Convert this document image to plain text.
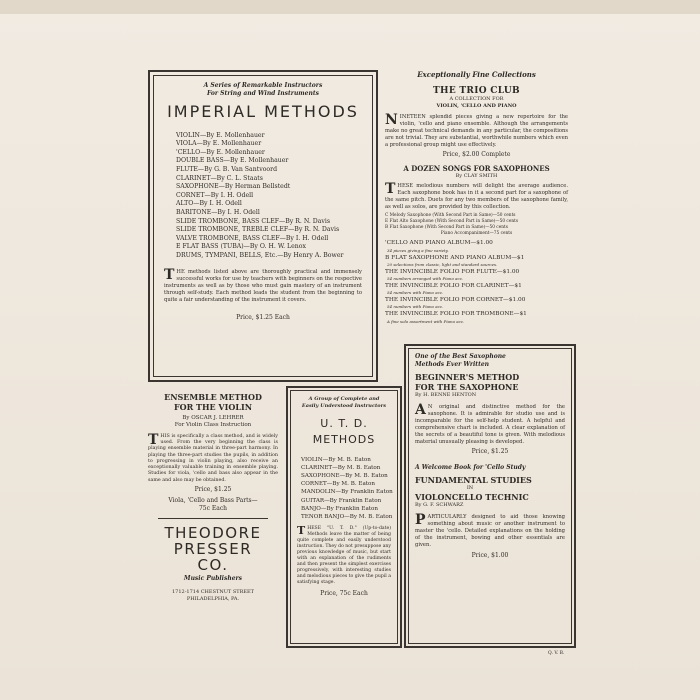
A Series of Remarkable Instructors
For String and Wind Instruments
IMPERIAL METHODS
VIOLIN—By E. Mollenhauer
VIOLA—By E. Mollenhauer
'CELLO—By E. Mollenhauer
DOUBLE BASS—By E. Mollenhauer
FLUTE—By G. B. Van Santvoord
CLARINET—By C. L. Staats
SAXOPHONE—By Herman Bellstedt
CORNET—By I. H. Odell
ALTO—By I. H. Odell
BARITONE—By I. H. Odell
SLIDE TROMBONE, BASS CLEF—By R. N. Davis
SLIDE TROMBONE, TREBLE CLEF—By R. N. Davis
VALVE TROMBONE, BASS CLEF—By I. H. Odell
E FLAT BASS (TUBA)—By O. H. W. Lenox
DRUMS, TYMPANI, BELLS, Etc.—By Henry A. Bower
THE methods listed above are thoroughly practical and immensely successful works for use by teachers with beginners on the respective instruments as well as by those who must gain mastery of an instrument through self-study. Each method leads the student from the beginning to quite a fair understanding of the instrument it covers.
Price, $1.25 Each
Exceptionally Fine Collections
THE TRIO CLUB
A COLLECTION FOR
VIOLIN, 'CELLO AND PIANO
NINETEEN splendid pieces giving a new repertoire for the violin, 'cello and piano ensemble. Although the arrangements make no great technical demands in any particular, the compositions are not trivial. They are substantial, worthwhile numbers which even a professional group might use effectively.
Price, $2.00 Complete
A DOZEN SONGS FOR SAXOPHONES
By CLAY SMITH
THESE melodious numbers will delight the average audience. Each saxophone book has in it a second part for a saxophone of the same pitch. Duets for any two members of the saxophone family, as well as solos, are provided by this collection.
C Melody Saxophone (With Second Part in Same)—50 cents
E Flat Alto Saxophone (With Second Part in Same)—50 cents
B Flat Saxophone (With Second Part in Same)—50 cents
Piano Accompaniment—75 cents
'CELLO AND PIANO ALBUM—$1.00
34 pieces giving a fine variety.
B FLAT SAXOPHONE AND PIANO ALBUM—$1
20 selections from classic, light and standard sources.
THE INVINCIBLE FOLIO FOR FLUTE—$1.00
54 numbers arranged with Piano acc.
THE INVINCIBLE FOLIO FOR CLARINET—$1
54 numbers with Piano acc.
THE INVINCIBLE FOLIO FOR CORNET—$1.00
54 numbers with Piano acc.
THE INVINCIBLE FOLIO FOR TROMBONE—$1
A fine solo assortment with Piano acc.
ENSEMBLE METHOD
FOR THE VIOLIN
By OSCAR J. LEHRER
For Violin Class Instruction
THIS is specifically a class method, and is widely used. From the very beginning the class is playing ensemble material in three-part harmony. In playing the three-part studies the pupils, in addition to progressing in violin playing, also receive an exceptionally valuable training in ensemble playing. Studies for viola, 'cello and bass also appear in the same and also may be obtained.
Price, $1.25
Viola, 'Cello and Bass Parts—
75c Each
THEODORE
PRESSER
CO.
Music Publishers
1712-1714 CHESTNUT STREET
PHILADELPHIA, PA.
A Group of Complete and
Easily Understood Instructors
U. T. D. METHODS
VIOLIN—By M. B. Eaton
CLARINET—By M. B. Eaton
SAXOPHONE—By M. B. Eaton
CORNET—By M. B. Eaton
MANDOLIN—By Franklin Eaton
GUITAR—By Franklin Eaton
BANJO—By Franklin Eaton
TENOR BANJO—By M. B. Eaton
THESE "U. T. D." (Up-to-date) Methods leave the matter of being quite complete and easily understood instruction. They do not presuppose any previous knowledge of music, but start with an explanation of the rudiments and then present the simplest exercises progressively, with interesting studies and melodious pieces to give the pupil a satisfying stage.
Price, 75c Each
One of the Best Saxophone
Methods Ever Written
BEGINNER'S METHOD
FOR THE SAXOPHONE
By H. BENNE HENTON
A N original and distinctive method for the saxophone. It is admirable for studio use and is incomparable for the self-help student. A helpful and comprehensive chart is included. A clear explanation of the secrets of a beautiful tone is given. With melodious material unusually pleasing is developed.
Price, $1.25
A Welcome Book for 'Cello Study
FUNDAMENTAL STUDIES
IN
VIOLONCELLO TECHNIC
By G. F. SCHWARZ
PARTICULARLY designed to aid those knowing something about music or another instrument to master the 'cello. Detailed explanations on the holding of the instrument, bowing and other essentials are given.
Price, $1.00
Q. V. B.
